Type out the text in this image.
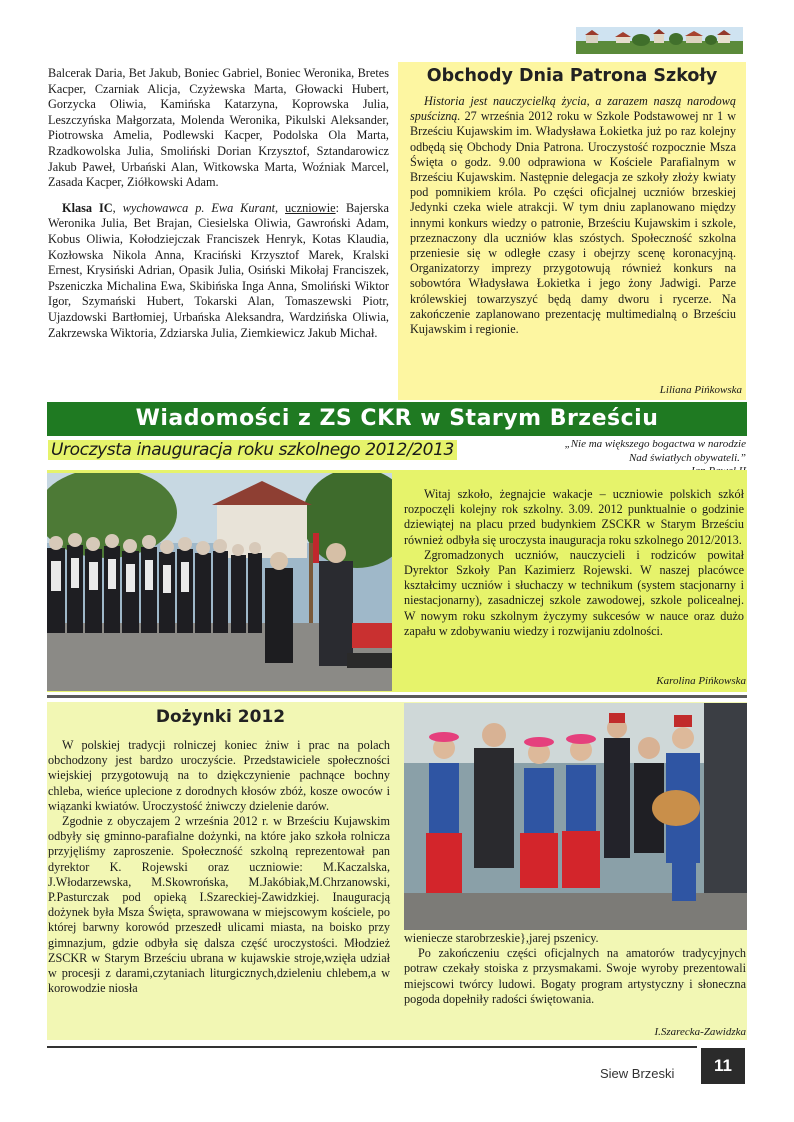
Balcerak Daria, Bet Jakub, Boniec Gabriel, Boniec Weronika, Bretes Kacper, Czarniak Alicja, Czyżewska Marta, Głowacki Hubert, Gorzycka Oliwia, Kamińska Katarzyna, Koprowska Julia, Leszczyńska Małgorzata, Molenda Weronika, Pikulski Aleksander, Piotrowska Amelia, Podlewski Kacper, Podolska Ola Marta, Rzadkowolska Julia, Smoliński Dorian Krzysztof, Sztandarowicz Jakub Paweł, Urbański Alan, Witkowska Marta, Woźniak Marcel, Zasada Kacper, Ziółkowski Adam.

Klasa IC, wychowawca p. Ewa Kurant, uczniowie: Bajerska Weronika Julia, Bet Brajan, Ciesielska Oliwia, Gawroński Adam, Kobus Oliwia, Kołodziejczak Franciszek Henryk, Kotas Klaudia, Kozłowska Nikola Anna, Kraciński Krzysztof Marek, Kralski Ernest, Krysiński Adrian, Opasik Julia, Osiński Mikołaj Franciszek, Pszeniczka Michalina Ewa, Skibińska Inga Anna, Smoliński Wiktor Igor, Szymański Hubert, Tokarski Alan, Tomaszewski Piotr, Ujazdowski Bartłomiej, Urbańska Aleksandra, Wardzińska Oliwia, Zakrzewska Wiktoria, Zdziarska Julia, Ziemkiewicz Jakub Michał.

Obchody Dnia Patrona Szkoły

Historia jest nauczycielką życia, a zarazem naszą narodową spuścizną. 27 września 2012 roku w Szkole Podstawowej nr 1 w Brześciu Kujawskim im. Władysława Łokietka już po raz kolejny odbędą się Obchody Dnia Patrona. Uroczystość rozpocznie Msza Święta o godz. 9.00 odprawiona w Kościele Parafialnym w Brześciu Kujawskim. Następnie delegacja ze szkoły złoży kwiaty pod pomnikiem króla. Po części oficjalnej uczniów brzeskiej Jedynki czeka wiele atrakcji. W tym dniu zaplanowano między innymi konkurs wiedzy o patronie, Brześciu Kujawskim i szkole, przeznaczony dla uczniów klas szóstych. Społeczność szkolna przeniesie się w odległe czasy i obejrzy scenę koronacyjną. Organizatorzy imprezy przygotowują również konkurs na sobowtóra Władysława Łokietka i jego żony Jadwigi. Parze królewskiej towarzyszyć będą damy dworu i rycerze. Na zakończenie zaplanowano prezentację multimedialną o Brześciu Kujawskim i regionie.

Liliana Pińkowska
Wiadomości z ZS CKR w Starym Brześciu
Uroczysta inauguracja roku szkolnego 2012/2013	„Nie ma większego bogactwa w narodzie
Nad światłych obywateli.”

Witaj szkoło, żegnajcie wakacje – uczniowie polskich szkół rozpoczęli kolejny rok szkolny. 3.09. 2012 punktualnie o godzinie dziewiątej na placu przed budynkiem ZSCKR w Starym Brześciu również odbyła się uroczysta inauguracja roku szkolnego 2012/2013.

Zgromadzonych uczniów, nauczycieli i rodziców powitał Dyrektor Szkoły Pan Kazimierz Rojewski. W naszej placówce kształcimy uczniów i słuchaczy w technikum (system stacjonarny i niestacjonarny), zasadniczej szkole zawodowej, szkole policealnej. W nowym roku szkolnym życzymy sukcesów w nauce oraz dużo zapału w zdobywaniu wiedzy i rozwijaniu zdolności.

Karolina Pińkowska
Dożynki 2012

W polskiej tradycji rolniczej koniec żniw i prac na polach obchodzony jest bardzo uroczyście. Przedstawiciele społeczności wiejskiej przygotowują na to dziękczynienie pachnące bochny chleba, wieńce uplecione z dorodnych kłosów zbóż, kosze owoców i wiązanki kwiatów. Uroczystość żniwczy dzielenie darów.

Zgodnie z obyczajem 2 września 2012 r. w Brześciu Kujawskim odbyły się gminno-parafialne dożynki, na które jako szkoła rolnicza przyjęliśmy zaproszenie. Społeczność szkolną reprezentował pan dyrektor K. Rojewski oraz uczniowie: M.Kaczalska, J.Włodarzewska, M.Skowrońska, M.Jakóbiak,M.Chrzanowski, P.Pasturczak pod opieką I.Szareckiej-Zawidzkiej. Inauguracją dożynek była Msza Święta, sprawowana w miejscowym kościele, po której barwny korowód przeszedł ulicami miasta, na boisko przy gimnazjum, gdzie odbyła się dalsza część uroczystości. Młodzież ZSCKR w Starym Brześciu ubrana w kujawskie stroje,wzięła udział w procesji z darami,czytaniach liturgicznych,dzieleniu chlebem,a w korowodzie niosła

wieniecze starobrzeskie},jarej pszenicy.

Po zakończeniu części oficjalnych na amatorów tradycyjnych potraw czekały stoiska z przysmakami. Swoje wyroby prezentowali miejscowi twórcy ludowi. Bogaty program artystyczny i słoneczna pogoda dopełniły radości świętowania.

I.Szarecka-Zawidzka
Siew Brzeski	11
